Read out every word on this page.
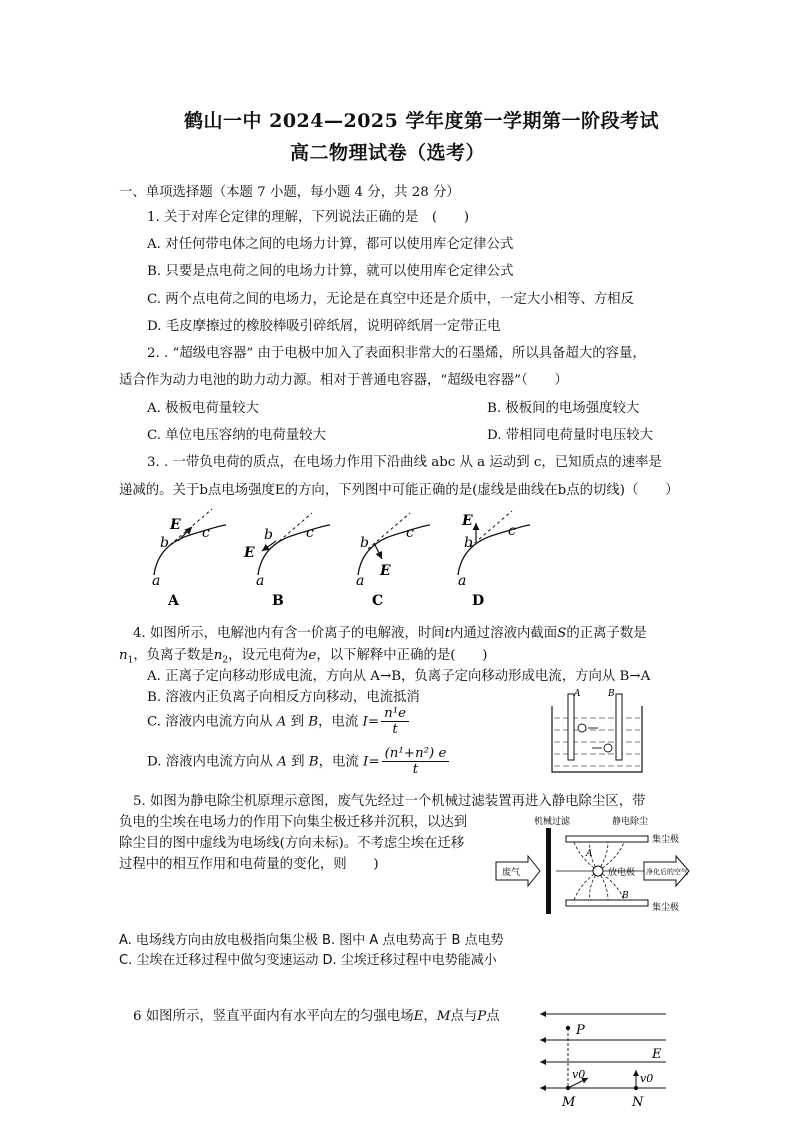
鹤山一中 2024—2025 学年度第一学期第一阶段考试
高二物理试卷（选考）
一、单项选择题（本题 7 小题，每小题 4 分，共 28 分）
1. 关于对库仑定律的理解，下列说法正确的是　(　　)
A. 对任何带电体之间的电场力计算，都可以使用库仑定律公式
B. 只要是点电荷之间的电场力计算，就可以使用库仑定律公式
C. 两个点电荷之间的电场力，无论是在真空中还是介质中，一定大小相等、方相反
D. 毛皮摩擦过的橡胶棒吸引碎纸屑，说明碎纸屑一定带正电
2. . “超级电容器” 由于电极中加入了表面积非常大的石墨烯，所以具备超大的容量，
适合作为动力电池的助力动力源。相对于普通电容器，“超级电容器”（　　）
A. 极板电荷量较大	B. 极板间的电场强度较大
C. 单位电压容纳的电荷量较大	D. 带相同电荷量时电压较大
3. . 一带负电荷的质点，在电场力作用下沿曲线 abc 从 a 运动到 c，已知质点的速率是
递减的。关于b点电场强度E的方向，下列图中可能正确的是(虚线是曲线在b点的切线)（　　）
a
b
c
E
A
a
b c
E
B
a
b
c
E
C
a
b
c
E
D
4. 如图所示，电解池内有含一价离子的电解液，时间t内通过溶液内截面S的正离子数是
$n_1$，负离子数是$n_2$，设元电荷为e，以下解释中正确的是(　　)
A. 正离子定向移动形成电流，方向从 A→B，负离子定向移动形成电流，方向从 B→A
B. 溶液内正负离子向相反方向移动，电流抵消
C. 溶液内电流方向从 A 到 B，电流 $I= \frac{\text{n¹e}}{t}$
D. 溶液内电流方向从 A 到 B，电流 $I= \frac{\text{(n¹+n²) e}}{t}$
A	B
5. 如图为静电除尘机原理示意图，废气先经过一个机械过滤装置再进入静电除尘区，带
负电的尘埃在电场力的作用下向集尘极迁移并沉积，以达到
除尘目的图中虚线为电场线(方向未标)。不考虑尘埃在迁移
过程中的相互作用和电荷量的变化，则　　)
A. 电场线方向由放电极指向集尘极 B. 图中 A 点电势高于 B 点电势
C. 尘埃在迁移过程中做匀变速运动 D. 尘埃迁移过程中电势能减小
机械过滤	静电除尘
集尘极
集尘极
放电极
A
B
废气	净化后的空气
6 如图所示，竖直平面内有水平向左的匀强电场E，M点与P点
P
E
v0	v0
M	N
